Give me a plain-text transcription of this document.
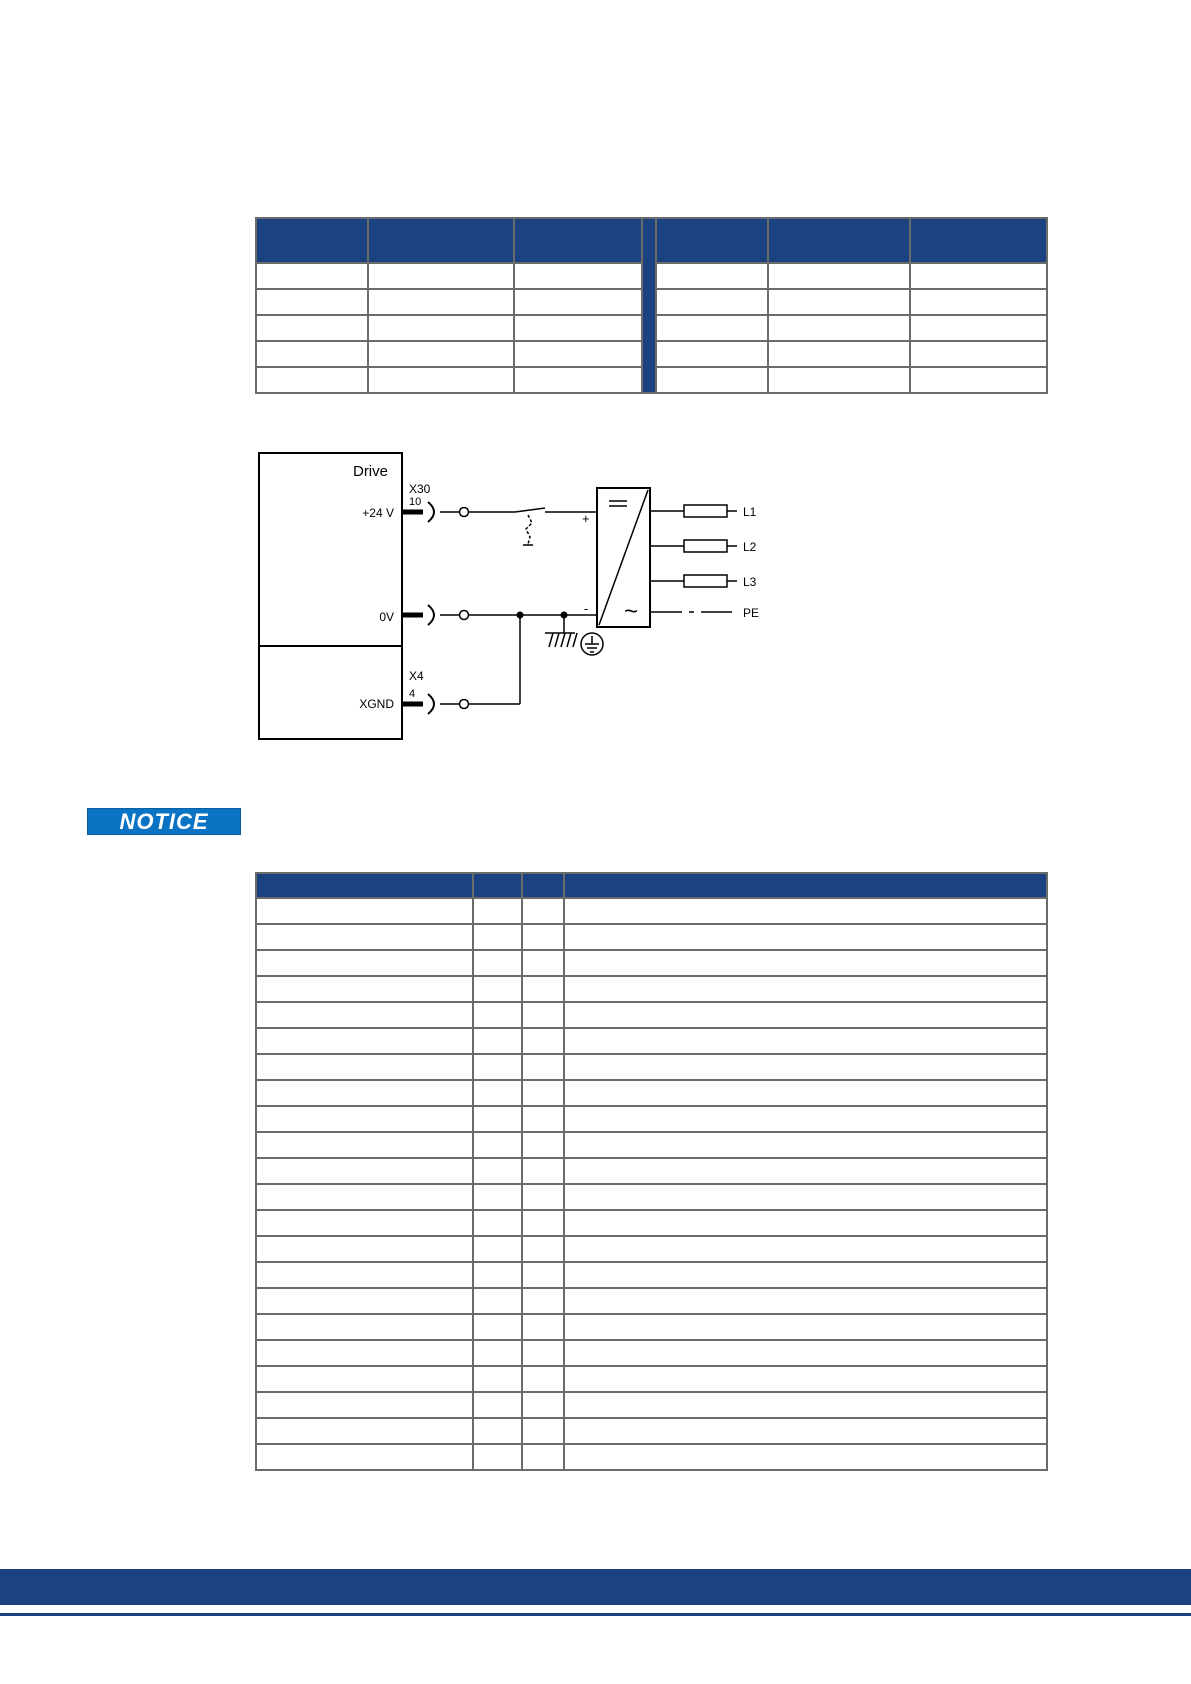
Drive
X30
10
+24 V
0V
X4
4
XGND
=
~
+
-
L1
L2
L3
PE
NOTICE
